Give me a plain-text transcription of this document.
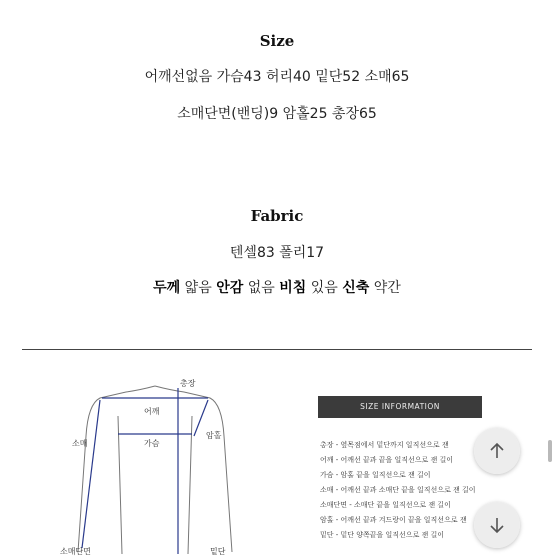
Size
어깨선없음 가슴43 허리40 밑단52 소매65
소매단면(밴딩)9 암홀25 총장65
Fabric
텐셀83 폴리17
두께 얇음 안감 없음 비침 있음 신축 약간
총장
어깨
가슴
소매
암홀
소매단면	밑단
SIZE INFORMATION
총장 - 옆목점에서 밑단까지 일직선으로 잰
어깨 - 어깨선 끝과 끝을 일직선으로 잰 길이
가슴 - 암홀 끝을 일직선으로 잰 길이
소매 - 어깨선 끝과 소매단 끝을 일직선으로 잰 길이
소매단면 - 소매단 끝을 일직선으로 잰 길이
암홀 - 어깨선 끝과 겨드랑이 끝을 일직선으로 잰
밑단 - 밑단 양쪽끝을 일직선으로 잰 길이
